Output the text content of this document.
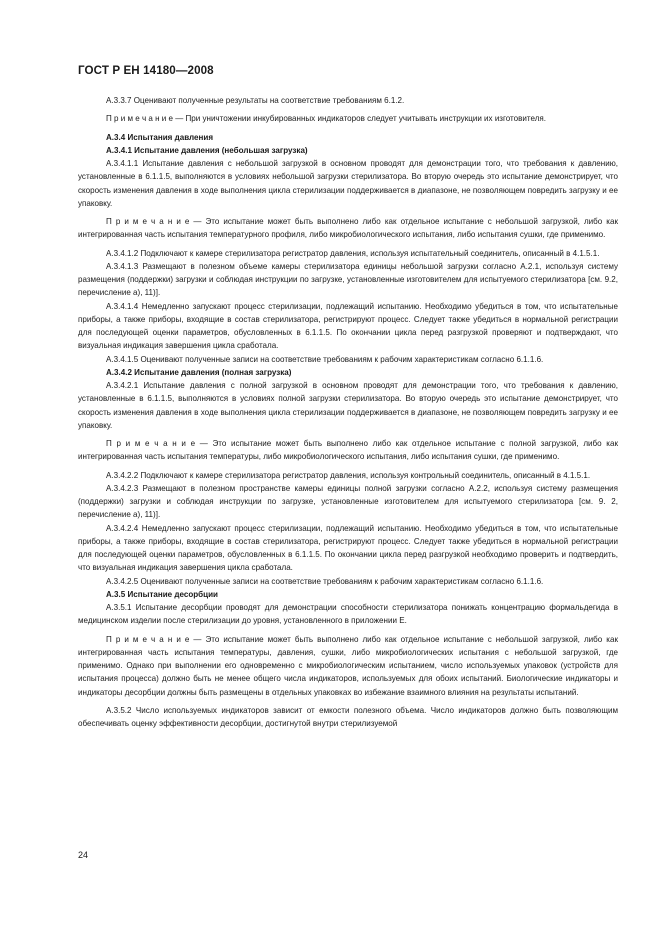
ГОСТ Р ЕН 14180—2008

А.3.3.7 Оценивают полученные результаты на соответствие требованиям 6.1.2.

П р и м е ч а н и е — При уничтожении инкубированных индикаторов следует учитывать инструкции их изготовителя.

А.3.4 Испытания давления

А.3.4.1 Испытание давления (небольшая загрузка)

А.3.4.1.1 Испытание давления с небольшой загрузкой в основном проводят для демонстрации того, что требования к давлению, установленные в 6.1.1.5, выполняются в условиях небольшой загрузки стерилизатора. Во вторую очередь это испытание демонстрирует, что скорость изменения давления в ходе выполнения цикла стерилизации поддерживается в диапазоне, не позволяющем повредить загрузку и ее упаковку.

П р и м е ч а н и е — Это испытание может быть выполнено либо как отдельное испытание с небольшой загрузкой, либо как интегрированная часть испытания температурного профиля, либо микробиологического испытания, либо испытания сушки, где применимо.

А.3.4.1.2 Подключают к камере стерилизатора регистратор давления, используя испытательный соединитель, описанный в 4.1.5.1.

А.3.4.1.3 Размещают в полезном объеме камеры стерилизатора единицы небольшой загрузки согласно А.2.1, используя систему размещения (поддержки) загрузки и соблюдая инструкции по загрузке, установленные изготовителем для испытуемого стерилизатора [см. 9.2, перечисление а), 11)].

А.3.4.1.4 Немедленно запускают процесс стерилизации, подлежащий испытанию. Необходимо убедиться в том, что испытательные приборы, а также приборы, входящие в состав стерилизатора, регистрируют процесс. Следует также убедиться в нормальной регистрации для последующей оценки параметров, обусловленных в 6.1.1.5. По окончании цикла перед разгрузкой проверяют и подтверждают, что визуальная индикация завершения цикла сработала.

А.3.4.1.5 Оценивают полученные записи на соответствие требованиям к рабочим характеристикам согласно 6.1.1.6.

А.3.4.2 Испытание давления (полная загрузка)

А.3.4.2.1 Испытание давления с полной загрузкой в основном проводят для демонстрации того, что требования к давлению, установленные в 6.1.1.5, выполняются в условиях полной загрузки стерилизатора. Во вторую очередь это испытание демонстрирует, что скорость изменения давления в ходе выполнения цикла стерилизации поддерживается в диапазоне, не позволяющем повредить загрузку и ее упаковку.

П р и м е ч а н и е — Это испытание может быть выполнено либо как отдельное испытание с полной загрузкой, либо как интегрированная часть испытания температуры, либо микробиологического испытания, либо испытания сушки, где применимо.

А.3.4.2.2 Подключают к камере стерилизатора регистратор давления, используя контрольный соединитель, описанный в 4.1.5.1.

А.3.4.2.3 Размещают в полезном пространстве камеры единицы полной загрузки согласно А.2.2, используя систему размещения (поддержки) загрузки и соблюдая инструкции по загрузке, установленные изготовителем для испытуемого стерилизатора [см. 9. 2, перечисление а), 11)].

А.3.4.2.4 Немедленно запускают процесс стерилизации, подлежащий испытанию. Необходимо убедиться в том, что испытательные приборы, а также приборы, входящие в состав стерилизатора, регистрируют процесс. Следует также убедиться в нормальной регистрации для последующей оценки параметров, обусловленных в 6.1.1.5. По окончании цикла перед разгрузкой необходимо проверить и подтвердить, что визуальная индикация завершения цикла сработала.

А.3.4.2.5 Оценивают полученные записи на соответствие требованиям к рабочим характеристикам согласно 6.1.1.6.

А.3.5 Испытание десорбции

А.3.5.1 Испытание десорбции проводят для демонстрации способности стерилизатора понижать концентрацию формальдегида в медицинском изделии после стерилизации до уровня, установленного в приложении Е.

П р и м е ч а н и е — Это испытание может быть выполнено либо как отдельное испытание с небольшой загрузкой, либо как интегрированная часть испытания температуры, давления, сушки, либо микробиологических испытания с небольшой загрузкой, где применимо. Однако при выполнении его одновременно с микробиологическим испытанием, число используемых упаковок (устройств для испытания процесса) должно быть не менее общего числа индикаторов, используемых для обоих испытаний. Биологические индикаторы и индикаторы десорбции должны быть размещены в отдельных упаковках во избежание взаимного влияния на результаты испытаний.

А.3.5.2 Число используемых индикаторов зависит от емкости полезного объема. Число индикаторов должно быть позволяющим обеспечивать оценку эффективности десорбции, достигнутой внутри стерилизуемой

24
